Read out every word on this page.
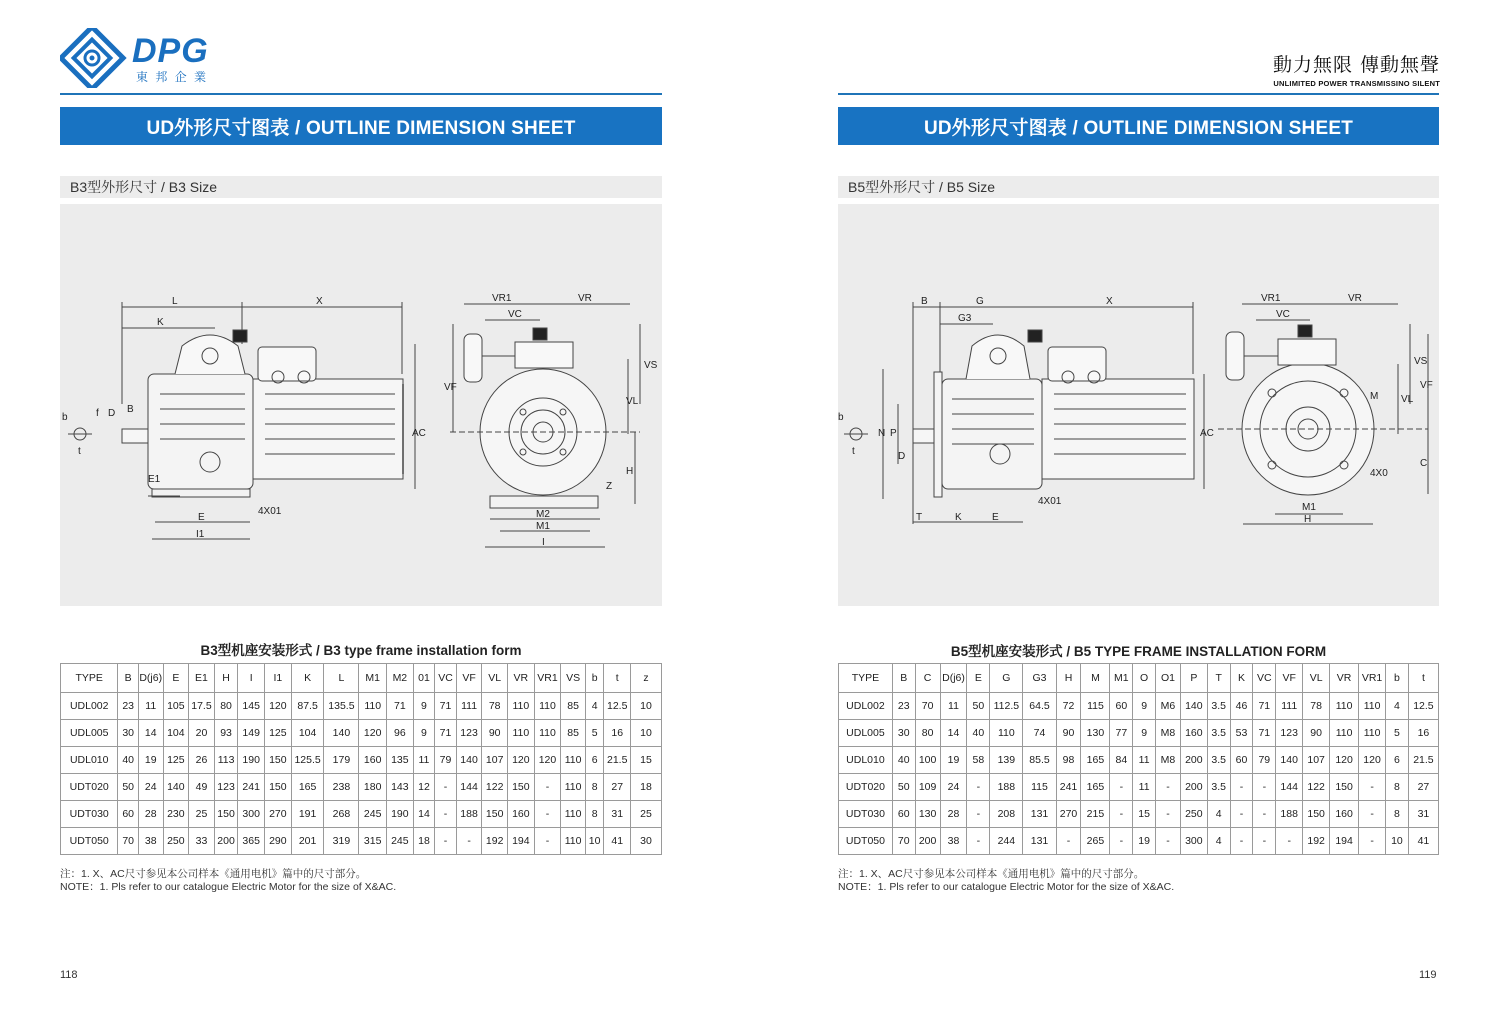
DPG
東 邦 企 業
UD外形尺寸图表 / OUTLINE DIMENSION SHEET
B3型外形尺寸 / B3 Size
L	X
K
b	f D B
t
E1
E
I1
4X01
AC
VR1	VR
VC
VF
VS
VL
H
Z
M2
M1
I
B3型机座安装形式 / B3 type frame installation form
TYPE	B	D(j6)	E	E1	H	I	I1	K	L	M1	M2	01	VC	VF	VL	VR	VR1	VS	b	t	z
UDL002	23	11	105	17.5	80	145	120	87.5	135.5	110	71	9	71	111	78	110	110	85	4	12.5	10
UDL005	30	14	104	20	93	149	125	104	140	120	96	9	71	123	90	110	110	85	5	16	10
UDL010	40	19	125	26	113	190	150	125.5	179	160	135	11	79	140	107	120	120	110	6	21.5	15
UDT020	50	24	140	49	123	241	150	165	238	180	143	12	-	144	122	150	-	110	8	27	18
UDT030	60	28	230	25	150	300	270	191	268	245	190	14	-	188	150	160	-	110	8	31	25
UDT050	70	38	250	33	200	365	290	201	319	315	245	18	-	-	192	194	-	110	10	41	30
注：1. X、AC尺寸参见本公司样本《通用电机》篇中的尺寸部分。
NOTE：1. Pls refer to our catalogue Electric Motor for the size of X&AC.
118
動力無限 傳動無聲
UNLIMITED POWER TRANSMISSINO SILENT
UD外形尺寸图表 / OUTLINE DIMENSION SHEET
B5型外形尺寸 / B5 Size
B	G	X
G3
b
t
N P
D
T	K	E
4X01
AC
VR1	VR
VC
VS
VL
VF
M
C
4X0
M1
H
B5型机座安装形式 / B5 TYPE FRAME INSTALLATION FORM
TYPE	B	C	D(j6)	E	G	G3	H	M	M1	O	O1	P	T	K	VC	VF	VL	VR	VR1	b	t
UDL002	23	70	11	50	112.5	64.5	72	115	60	9	M6	140	3.5	46	71	111	78	110	110	4	12.5
UDL005	30	80	14	40	110	74	90	130	77	9	M8	160	3.5	53	71	123	90	110	110	5	16
UDL010	40	100	19	58	139	85.5	98	165	84	11	M8	200	3.5	60	79	140	107	120	120	6	21.5
UDT020	50	109	24	-	188	115	241	165	-	11	-	200	3.5	-	-	144	122	150	-	8	27
UDT030	60	130	28	-	208	131	270	215	-	15	-	250	4	-	-	188	150	160	-	8	31
UDT050	70	200	38	-	244	131	-	265	-	19	-	300	4	-	-	-	192	194	-	10	41
注：1. X、AC尺寸参见本公司样本《通用电机》篇中的尺寸部分。
NOTE：1. Pls refer to our catalogue Electric Motor for the size of X&AC.
119
